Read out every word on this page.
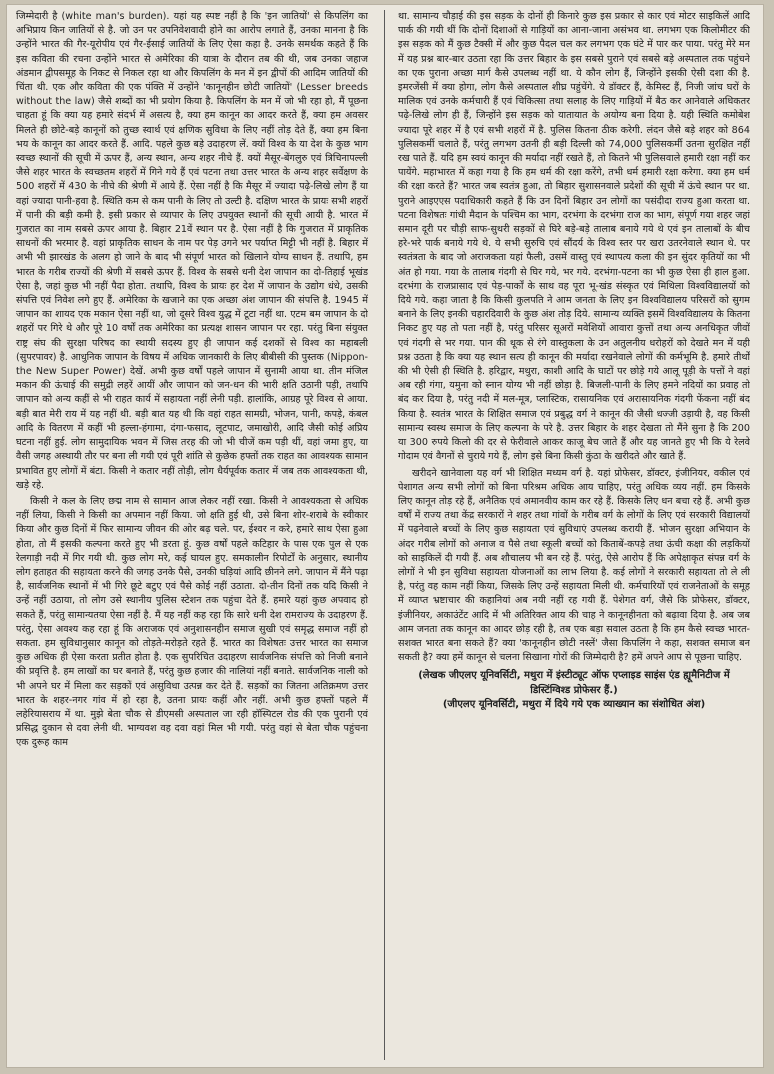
जिम्मेदारी है (white man's burden). यहां यह स्पष्ट नहीं है कि 'इन जातियों' से किपलिंग का अभिप्राय किन जातियों से है. जो उन पर उपनिवेशवादी होने का आरोप लगाते हैं, उनका मानना है कि उन्होंने भारत की गैर-यूरोपीय एवं गैर-ईसाई जातियों के लिए ऐसा कहा है. उनके समर्थक कहते हैं कि इस कविता की रचना उन्होंने भारत से अमेरिका की यात्रा के दौरान तब की थी, जब उनका जहाज अंडमान द्वीपसमूह के निकट से निकल रहा था और किपलिंग के मन में इन द्वीपों की आदिम जातियों की चिंता थी. एक और कविता की एक पंक्ति में उन्होंने 'कानूनहीन छोटी जातियों' (Lesser breeds without the law) जैसे शब्दों का भी प्रयोग किया है. किपलिंग के मन में जो भी रहा हो, मैं पूछना चाहता हूं कि क्या यह हमारे संदर्भ में असत्य है, क्या हम कानून का आदर करते हैं, क्या हम अवसर मिलते ही छोटे-बड़े कानूनों को तुच्छ स्वार्थ एवं क्षणिक सुविधा के लिए नहीं तोड़ देते हैं, क्या हम बिना भय के कानून का आदर करते हैं. आदि. पहले कुछ बड़े उदाहरण लें. क्यों विश्व के या देश के कुछ भाग स्वच्छ स्थानों की सूची में ऊपर हैं, अन्य स्थान, अन्य शहर नीचे हैं. क्यों मैसूर-बेंगलुरु एवं त्रिचिनापल्ली जैसे शहर भारत के स्वच्छतम शहरों में गिने गये हैं एवं पटना तथा उत्तर भारत के अन्य शहर सर्वेक्षण के 500 शहरों में 430 के नीचे की श्रेणी में आये हैं. ऐसा नहीं है कि मैसूर में ज्यादा पढ़े-लिखे लोग हैं या वहां ज्यादा पानी-हवा है. स्थिति कम से कम पानी के लिए तो उल्टी है. दक्षिण भारत के प्रायः सभी शहरों में पानी की बड़ी कमी है. इसी प्रकार से व्यापार के लिए उपयुक्त स्थानों की सूची आयी है. भारत में गुजरात का नाम सबसे ऊपर आया है. बिहार 21वें स्थान पर है. ऐसा नहीं है कि गुजरात में प्राकृतिक साधनों की भरमार है. वहां प्राकृतिक साधन के नाम पर पेड़ उगने भर पर्याप्त मिट्टी भी नहीं है. बिहार में अभी भी झारखंड के अलग हो जाने के बाद भी संपूर्ण भारत को खिलाने योग्य साधन हैं. तथापि, हम भारत के गरीब राज्यों की श्रेणी में सबसे ऊपर हैं. विश्व के सबसे धनी देश जापान का दो-तिहाई भूखंड ऐसा है, जहां कुछ भी नहीं पैदा होता. तथापि, विश्व के प्रायः हर देश में जापान के उद्योग धंधे, उसकी संपत्ति एवं निवेश लगे हुए हैं. अमेरिका के खजाने का एक अच्छा अंश जापान की संपत्ति है. 1945 में जापान का शायद एक मकान ऐसा नहीं था, जो दूसरे विश्व युद्ध में टूटा नहीं था. एटम बम जापान के दो शहरों पर गिरे थे और पूरे 10 वर्षों तक अमेरिका का प्रत्यक्ष शासन जापान पर रहा. परंतु बिना संयुक्त राष्ट्र संघ की सुरक्षा परिषद का स्थायी सदस्य हुए ही जापान कई दशकों से विश्व का महाबली (सुपरपावर) है. आधुनिक जापान के विषय में अधिक जानकारी के लिए बीबीसी की पुस्तक (Nippon- the New Super Power) देखें. अभी कुछ वर्षों पहले जापान में सुनामी आया था. तीन मंजिल मकान की ऊंचाई की समुद्री लहरें आयीं और जापान को जन-धन की भारी क्षति उठानी पड़ी, तथापि जापान को अन्य कहीं से भी राहत कार्य में सहायता नहीं लेनी पड़ी. हालांकि, आग्रह पूरे विश्व से आया. बड़ी बात मेरी राय में यह नहीं थी. बड़ी बात यह थी कि वहां राहत सामग्री, भोजन, पानी, कपड़े, कंबल आदि के वितरण में कहीं भी हल्ला-हंगामा, दंगा-फसाद, लूटपाट, जमाखोरी, आदि जैसी कोई अप्रिय घटना नहीं हुई. लोग सामुदायिक भवन में जिस तरह की जो भी चीजें कम पड़ी थीं, वहां जमा हुए, या वैसी जगह अस्थायी तौर पर बना ली गयी एवं पूरी शांति से कुछेक हफ्तों तक राहत का आवश्यक सामान प्रभावित हुए लोगों में बंटा. किसी ने कतार नहीं तोड़ी, लोग धैर्यपूर्वक कतार में जब तक आवश्यकता थी, खड़े रहे.

किसी ने कल के लिए छद्म नाम से सामान आज लेकर नहीं रखा. किसी ने आवश्यकता से अधिक नहीं लिया, किसी ने किसी का अपमान नहीं किया. जो क्षति हुई थी, उसे बिना शोर-शराबे के स्वीकार किया और कुछ दिनों में फिर सामान्य जीवन की ओर बढ़ चले. पर, ईश्वर न करे, हमारे साथ ऐसा हुआ होता, तो मैं इसकी कल्पना करते हुए भी डरता हूं. कुछ वर्षों पहले कटिहार के पास एक पुल से एक रेलगाड़ी नदी में गिर गयी थी. कुछ लोग मरे, कई घायल हुए. समकालीन रिपोर्टों के अनुसार, स्थानीय लोग हताहत की सहायता करने की जगह उनके पैसे, उनकी घड़ियां आदि छीनने लगे. जापान में मैंने पढ़ा है, सार्वजनिक स्थानों में भी गिरे छूटे बटुए एवं पैसे कोई नहीं उठाता. दो-तीन दिनों तक यदि किसी ने उन्हें नहीं उठाया, तो लोग उसे स्थानीय पुलिस स्टेशन तक पहुंचा देते हैं. हमारे यहां कुछ अपवाद हो सकते हैं, परंतु सामान्यतया ऐसा नहीं है. मैं यह नहीं कह रहा कि सारे धनी देश रामराज्य के उदाहरण हैं. परंतु, ऐसा अवश्य कह रहा हूं कि अराजक एवं अनुशासनहीन समाज सुखी एवं समृद्ध समाज नहीं हो सकता. हम सुविधानुसार कानून को तोड़ते-मरोड़ते रहते हैं. भारत का विशेषतः उत्तर भारत का समाज कुछ अधिक ही ऐसा करता प्रतीत होता है. एक सुपरिचित उदाहरण सार्वजनिक संपत्ति को निजी बनाने की प्रवृत्ति है. हम लाखों का घर बनाते हैं, परंतु कुछ हजार की नालियां नहीं बनाते. सार्वजनिक नाली को भी अपने घर में मिला कर सड़कों एवं असुविधा उत्पन्न कर देते हैं. सड़कों का जितना अतिक्रमण उत्तर भारत के शहर-नगर गांव में हो रहा है, उतना प्रायः कहीं और नहीं. अभी कुछ हफ्तों पहले मैं लहेरियासराय में था. मुझे बेता चौक से डीएमसी अस्पताल जा रही हॉस्पिटल रोड की एक पुरानी एवं प्रसिद्ध दुकान से दवा लेनी थी. भाग्यवश वह दवा वहां मिल भी गयी. परंतु वहां से बेता चौक पहुंचना एक दुरूह काम

था. सामान्य चौड़ाई की इस सड़क के दोनों ही किनारे कुछ इस प्रकार से कार एवं मोटर साइकिलें आदि पार्क की गयी थीं कि दोनों दिशाओं से गाड़ियों का आना-जाना असंभव था. लगभग एक किलोमीटर की इस सड़क को मैं कुछ टैक्सी में और कुछ पैदल चल कर लगभग एक घंटे में पार कर पाया. परंतु मेरे मन में यह प्रश्न बार-बार उठता रहा कि उत्तर बिहार के इस सबसे पुराने एवं सबसे बड़े अस्पताल तक पहुंचने का एक पुराना अच्छा मार्ग कैसे उपलब्ध नहीं था. ये कौन लोग हैं, जिन्होंने इसकी ऐसी दशा की है. इमरजेंसी में क्या होगा, लोग कैसे अस्पताल शीघ्र पहुंचेंगे. ये डॉक्टर हैं, केमिस्ट हैं, निजी जांच घरों के मालिक एवं उनके कर्मचारी हैं एवं चिकित्सा तथा सलाह के लिए गाड़ियों में बैठ कर आनेवाले अधिकतर पढ़े-लिखे लोग ही हैं, जिन्होंने इस सड़क को यातायात के अयोग्य बना दिया है. यही स्थिति कमोबेश ज्यादा पूरे शहर में है एवं सभी शहरों में है. पुलिस कितना ठीक करेगी. लंदन जैसे बड़े शहर को 864 पुलिसकर्मी चलाते हैं, परंतु लगभग उतनी ही बड़ी दिल्ली को 74,000 पुलिसकर्मी उतना सुरक्षित नहीं रख पाते हैं. यदि हम स्वयं कानून की मर्यादा नहीं रखते हैं, तो कितने भी पुलिसवाले हमारी रक्षा नहीं कर पायेंगे. महाभारत में कहा गया है कि हम धर्म की रक्षा करेंगे, तभी धर्म हमारी रक्षा करेगा. क्या हम धर्म की रक्षा करते हैं? भारत जब स्वतंत्र हुआ, तो बिहार सुशासनवाले प्रदेशों की सूची में ऊंचे स्थान पर था. पुराने आइएएस पदाधिकारी कहते हैं कि उन दिनों बिहार उन लोगों का पसंदीदा राज्य हुआ करता था. पटना विशेषतः गांधी मैदान के पश्चिम का भाग, दरभंगा के दरभंगा राज का भाग, संपूर्ण गया शहर जहां समान दूरी पर चौड़ी साफ-सुथरी सड़कों से घिरे बड़े-बड़े तालाब बनाये गये थे एवं इन तालाबों के बीच हरे-भरे पार्क बनाये गये थे. ये सभी सुरुचि एवं सौंदर्य के विश्व स्तर पर खरा उतरनेवाले स्थान थे. पर स्वतंत्रता के बाद जो अराजकता यहां फैली, उसमें वास्तु एवं स्थापत्य कला की इन सुंदर कृतियों का भी अंत हो गया. गया के तालाब गंदगी से घिर गये, भर गये. दरभंगा-पटना का भी कुछ ऐसा ही हाल हुआ. दरभंगा के राजप्रासाद एवं पेड़-पार्कों के साथ वह पूरा भू-खंड संस्कृत एवं मिथिला विश्वविद्यालयों को दिये गये. कहा जाता है कि किसी कुलपति ने आम जनता के लिए इन विश्वविद्यालय परिसरों को सुगम बनाने के लिए इनकी चहारदिवारी के कुछ अंश तोड़ दिये. सामान्य व्यक्ति इसमें विश्वविद्यालय के कितना निकट हुए यह तो पता नहीं है, परंतु परिसर सूअरों मवेशियों आवारा कुत्तों तथा अन्य अनधिकृत जीवों एवं गंदगी से भर गया. पान की थूक से रंगे वास्तुकला के उन अतुलनीय धरोहरों को देखते मन में यही प्रश्न उठता है कि क्या यह स्थान सत्य ही कानून की मर्यादा रखनेवाले लोगों की कर्मभूमि है. हमारे तीर्थों की भी ऐसी ही स्थिति है. हरिद्वार, मथुरा, काशी आदि के घाटों पर छोड़े गये आलू पूड़ी के पत्तों ने वहां अब रही गंगा, यमुना को स्नान योग्य भी नहीं छोड़ा है. बिजली-पानी के लिए हमने नदियों का प्रवाह तो बंद कर दिया है, परंतु नदी में मल-मूत्र, प्लास्टिक, रासायनिक एवं अरासायनिक गंदगी फेंकना नहीं बंद किया है. स्वतंत्र भारत के शिक्षित समाज एवं प्रबुद्ध वर्ग ने कानून की जैसी धज्जी उड़ायी है, वह किसी सामान्य स्वस्थ समाज के लिए कल्पना के परे है. उत्तर बिहार के शहर देखता तो मैंने सुना है कि 200 या 300 रुपये किलो की दर से फेरीवाले आकर काजू बेच जाते हैं और यह जानते हुए भी कि ये रेलवे गोदाम एवं वैगनों से चुराये गये हैं, लोग इसे बिना किसी कुंठा के खरीदते और खाते हैं.

खरीदने खानेवाला यह वर्ग भी शिक्षित मध्यम वर्ग है. यहां प्रोफेसर, डॉक्टर, इंजीनियर, वकील एवं पेशागत अन्य सभी लोगों को बिना परिश्रम अधिक आय चाहिए, परंतु अधिक व्यय नहीं. हम किसके लिए कानून तोड़ रहे हैं, अनैतिक एवं अमानवीय काम कर रहे हैं. किसके लिए धन बचा रहे हैं. अभी कुछ वर्षों में राज्य तथा केंद्र सरकारों ने शहर तथा गांवों के गरीब वर्ग के लोगों के लिए एवं सरकारी विद्यालयों में पढ़नेवाले बच्चों के लिए कुछ सहायता एवं सुविधाएं उपलब्ध करायी हैं. भोजन सुरक्षा अभियान के अंदर गरीब लोगों को अनाज व पैसे तथा स्कूली बच्चों को किताबें-कपड़े तथा ऊंची कक्षा की लड़कियों को साइकिलें दी गयी हैं. अब शौचालय भी बन रहे हैं. परंतु, ऐसे आरोप हैं कि अपेक्षाकृत संपन्न वर्ग के लोगों ने भी इन सुविधा सहायता योजनाओं का लाभ लिया है. कई लोगों ने सरकारी सहायता तो ले ली है, परंतु वह काम नहीं किया, जिसके लिए उन्हें सहायता मिली थी. कर्मचारियों एवं राजनेताओं के समूह में व्याप्त भ्रष्टाचार की कहानियां अब नयी नहीं रह गयी हैं. पेशेगत वर्ग, जैसे कि प्रोफेसर, डॉक्टर, इंजीनियर, अकाउंटेंट आदि में भी अतिरिक्त आय की चाह ने कानूनहीनता को बढ़ावा दिया है. अब जब आम जनता तक कानून का आदर छोड़ रही है, तब एक बड़ा सवाल उठता है कि हम कैसे स्वच्छ भारत-सशक्त भारत बना सकते हैं? क्या 'कानूनहीन छोटी नस्लें' जैसा किपलिंग ने कहा, सशक्त समाज बन सकती है? क्या हमें कानून से चलना सिखाना गोरों की जिम्मेदारी है? हमें अपने आप से पूछना चाहिए.

(लेखक जीएलए यूनिवर्सिटी, मथुरा में इंस्टीट्यूट ऑफ एप्लाइड साइंस एंड ह्यूमैनिटीज में डिस्टिंग्विश्ड प्रोफेसर हैं.)
(जीएलए यूनिवर्सिटी, मथुरा में दिये गये एक व्याख्यान का संशोधित अंश)
